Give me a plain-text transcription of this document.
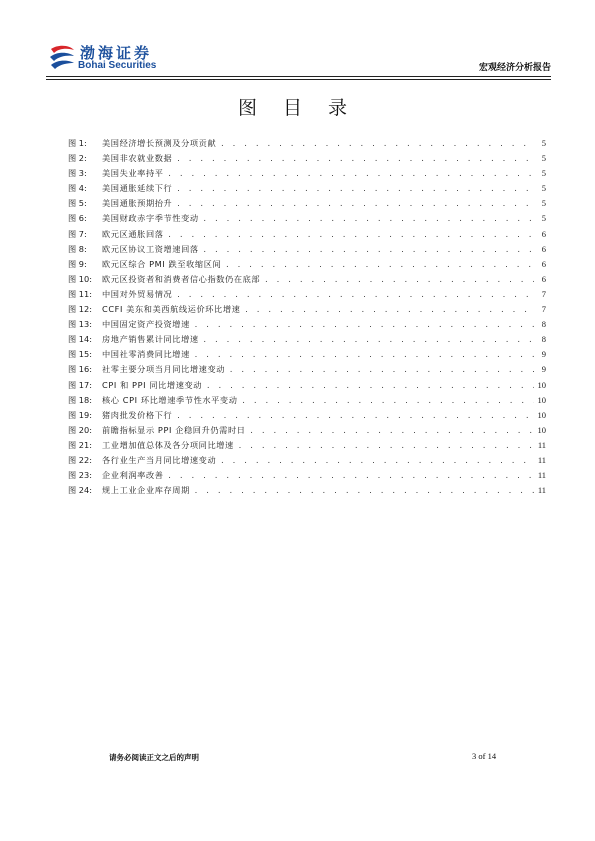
渤海证券
Bohai Securities	宏观经济分析报告
图 目 录
图 1:	美国经济增长预测及分项贡献 . . .	5
图 2:	美国非农就业数据 . . .	5
图 3:	美国失业率持平 . . .	5
图 4:	美国通胀延续下行 . . .	5
图 5:	美国通胀预期抬升 . . .	5
图 6:	美国财政赤字季节性变动 . . .	5
图 7:	欧元区通胀回落 . . .	6
图 8:	欧元区协议工资增速回落 . . .	6
图 9:	欧元区综合 PMI 跌至收缩区间 . . .	6
图 10:	欧元区投资者和消费者信心指数仍在底部 . . .	6
图 11:	中国对外贸易情况 . . .	7
图 12:	CCFI 美东和美西航线运价环比增速 . . .	7
图 13:	中国固定资产投资增速 . . .	8
图 14:	房地产销售累计同比增速 . . .	8
图 15:	中国社零消费同比增速 . . .	9
图 16:	社零主要分项当月同比增速变动 . . .	9
图 17:	CPI 和 PPI 同比增速变动 . . .	10
图 18:	核心 CPI 环比增速季节性水平变动 . . .	10
图 19:	猪肉批发价格下行 . . .	10
图 20:	前瞻指标显示 PPI 企稳回升仍需时日 . . .	10
图 21:	工业增加值总体及各分项同比增速 . . .	11
图 22:	各行业生产当月同比增速变动 . . .	11
图 23:	企业利润率改善 . . .	11
图 24:	规上工业企业库存周期 . . .	11
请务必阅读正文之后的声明	3 of 14
